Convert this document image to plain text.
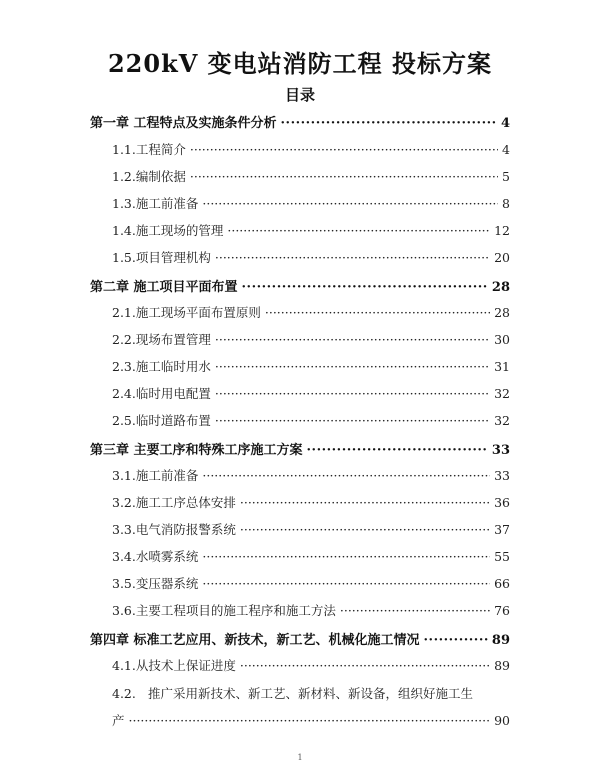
220kV 变电站消防工程 投标方案
目录
第一章 工程特点及实施条件分析 ·····	4
1.1. 工程简介 ·····	4
1.2. 编制依据 ·····	5
1.3. 施工前准备 ·····	8
1.4. 施工现场的管理 ·····	12
1.5. 项目管理机构 ·····	20
第二章 施工项目平面布置 ·····	28
2.1. 施工现场平面布置原则 ·····	28
2.2. 现场布置管理 ·····	30
2.3. 施工临时用水 ·····	31
2.4. 临时用电配置 ·····	32
2.5. 临时道路布置 ·····	32
第三章 主要工序和特殊工序施工方案 ·····	33
3.1. 施工前准备 ·····	33
3.2. 施工工序总体安排 ·····	36
3.3. 电气消防报警系统 ·····	37
3.4. 水喷雾系统 ·····	55
3.5. 变压器系统 ·····	66
3.6. 主要工程项目的施工程序和施工方法 ·····	76
第四章 标准工艺应用、新技术，新工艺、机械化施工情况 ·····	89
4.1. 从技术上保证进度 ·····	89
4.2. 推广采用新技术、新工艺、新材料、新设备，组织好施工生
产 ·····	90
1
